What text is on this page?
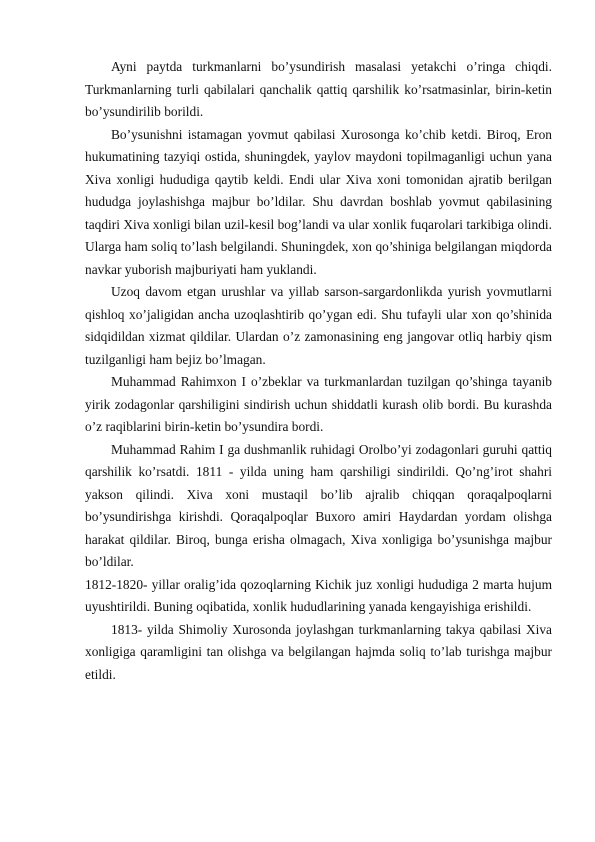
Ayni paytda turkmanlarni bo’ysundirish masalasi yetakchi o’ringa chiqdi. Turkmanlarning turli qabilalari qanchalik qattiq qarshilik ko’rsatmasinlar, birin-ketin bo’ysundirilib borildi.

Bo’ysunishni istamagan yovmut qabilasi Xurosonga ko’chib ketdi. Biroq, Eron hukumatining tazyiqi ostida, shuningdek, yaylov maydoni topilmaganligi uchun yana Xiva xonligi hududiga qaytib keldi. Endi ular Xiva xoni tomonidan ajratib berilgan hududga joylashishga majbur bo’ldilar. Shu davrdan boshlab yovmut qabilasining taqdiri Xiva xonligi bilan uzil-kesil bog’landi va ular xonlik fuqarolari tarkibiga olindi. Ularga ham soliq to’lash belgilandi. Shuningdek, xon qo’shiniga belgilangan miqdorda navkar yuborish majburiyati ham yuklandi.

Uzoq davom etgan urushlar va yillab sarson-sargardonlikda yurish yovmutlarni qishloq xo’jaligidan ancha uzoqlashtirib qo’ygan edi. Shu tufayli ular xon qo’shinida sidqidildan xizmat qildilar. Ulardan o’z zamonasining eng jangovar otliq harbiy qism tuzilganligi ham bejiz bo’lmagan.

Muhammad Rahimxon I o’zbeklar va turkmanlardan tuzilgan qo’shinga tayanib yirik zodagonlar qarshiligini sindirish uchun shiddatli kurash olib bordi. Bu kurashda o’z raqiblarini birin-ketin bo’ysundira bordi.

Muhammad Rahim I ga dushmanlik ruhidagi Orolbo’yi zodagonlari guruhi qattiq qarshilik ko’rsatdi. 1811 - yilda uning ham qarshiligi sindirildi. Qo’ng’irot shahri yakson qilindi. Xiva xoni mustaqil bo’lib ajralib chiqqan qoraqalpoqlarni bo’ysundirishga kirishdi. Qoraqalpoqlar Buxoro amiri Haydardan yordam olishga harakat qildilar. Biroq, bunga erisha olmagach, Xiva xonligiga bo’ysunishga majbur bo’ldilar.

1812-1820- yillar oralig’ida qozoqlarning Kichik juz xonligi hududiga 2 marta hujum uyushtirildi. Buning oqibatida, xonlik hududlarining yanada kengayishiga erishildi.

1813- yilda Shimoliy Xurosonda joylashgan turkmanlarning takya qabilasi Xiva xonligiga qaramligini tan olishga va belgilangan hajmda soliq to’lab turishga majbur etildi.
